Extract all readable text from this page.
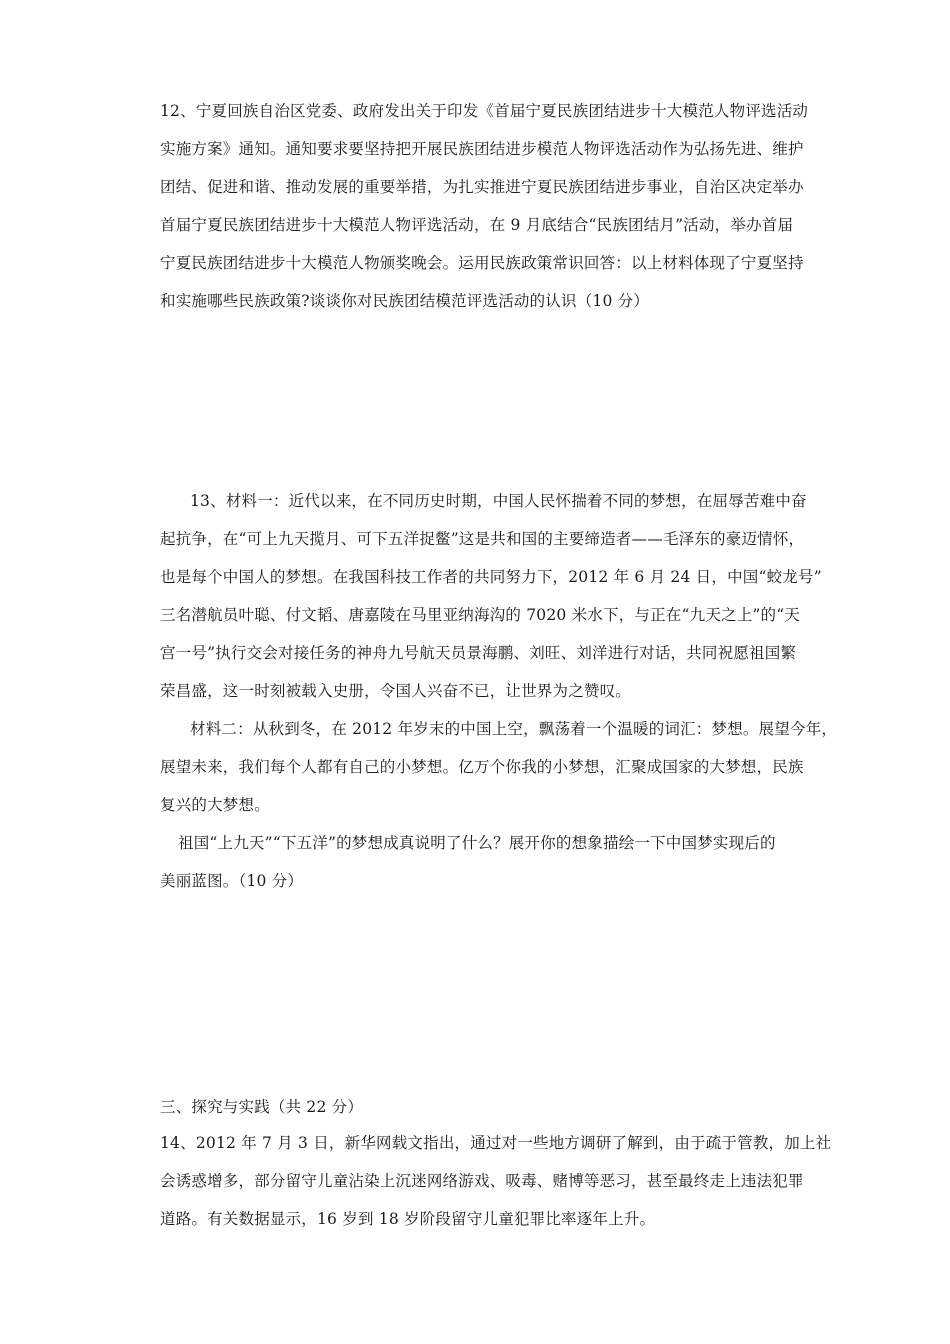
12、宁夏回族自治区党委、政府发出关于印发《首届宁夏民族团结进步十大模范人物评选活动
实施方案》通知。通知要求要坚持把开展民族团结进步模范人物评选活动作为弘扬先进、维护
团结、促进和谐、推动发展的重要举措，为扎实推进宁夏民族团结进步事业，自治区决定举办
首届宁夏民族团结进步十大模范人物评选活动，在 9 月底结合“民族团结月”活动，举办首届
宁夏民族团结进步十大模范人物颁奖晚会。运用民族政策常识回答：以上材料体现了宁夏坚持
和实施哪些民族政策?谈谈你对民族团结模范评选活动的认识（10 分）
13、材料一：近代以来，在不同历史时期，中国人民怀揣着不同的梦想，在屈辱苦难中奋
起抗争，在“可上九天揽月、可下五洋捉鳖”这是共和国的主要缔造者——毛泽东的豪迈情怀，
也是每个中国人的梦想。在我国科技工作者的共同努力下，2012 年 6 月 24 日，中国“蛟龙号”
三名潜航员叶聪、付文韬、唐嘉陵在马里亚纳海沟的 7020 米水下，与正在“九天之上”的“天
宫一号”执行交会对接任务的神舟九号航天员景海鹏、刘旺、刘洋进行对话，共同祝愿祖国繁
荣昌盛，这一时刻被载入史册，令国人兴奋不已，让世界为之赞叹。
材料二：从秋到冬，在 2012 年岁末的中国上空，飘荡着一个温暖的词汇：梦想。展望今年，
展望未来，我们每个人都有自己的小梦想。亿万个你我的小梦想，汇聚成国家的大梦想，民族
复兴的大梦想。
祖国“上九天”“下五洋”的梦想成真说明了什么？展开你的想象描绘一下中国梦实现后的
美丽蓝图。（10 分）
三、探究与实践（共 22 分）
14、2012 年 7 月 3 日，新华网载文指出，通过对一些地方调研了解到，由于疏于管教，加上社
会诱惑增多，部分留守儿童沾染上沉迷网络游戏、吸毒、赌博等恶习，甚至最终走上违法犯罪
道路。有关数据显示，16 岁到 18 岁阶段留守儿童犯罪比率逐年上升。
